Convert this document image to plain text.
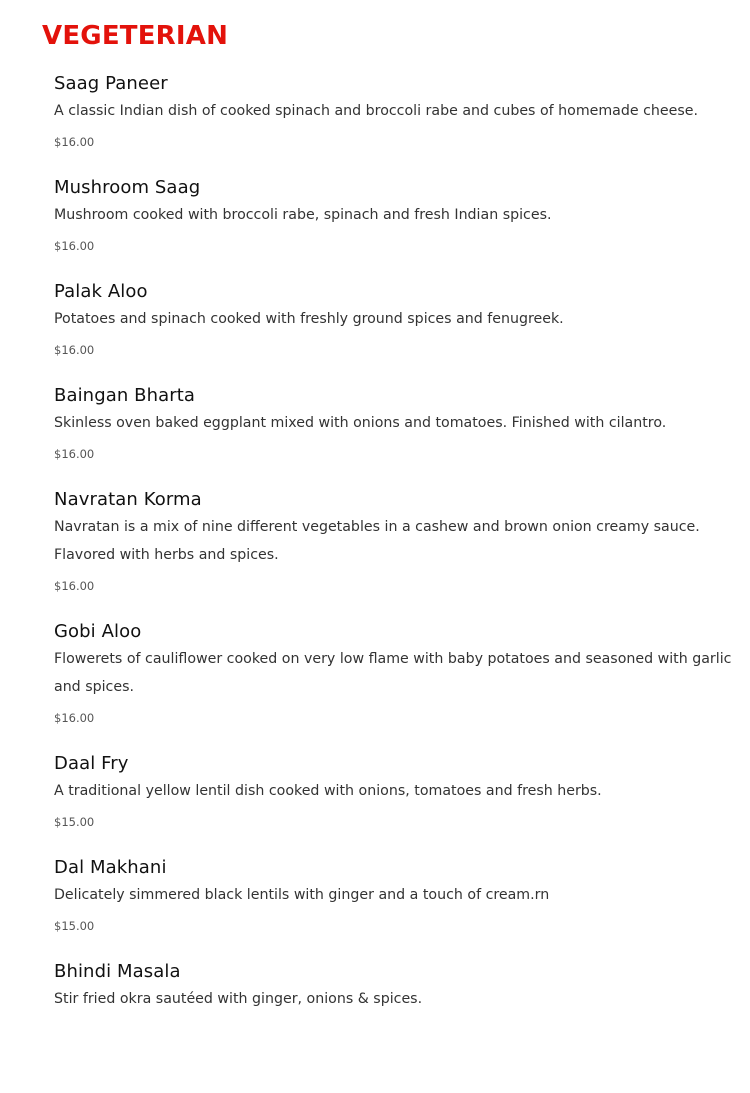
VEGETERIAN
Saag Paneer

A classic Indian dish of cooked spinach and broccoli rabe and cubes of homemade cheese.

$16.00

Mushroom Saag

Mushroom cooked with broccoli rabe, spinach and fresh Indian spices.

$16.00

Palak Aloo

Potatoes and spinach cooked with freshly ground spices and fenugreek.

$16.00

Baingan Bharta

Skinless oven baked eggplant mixed with onions and tomatoes. Finished with cilantro.

$16.00

Navratan Korma

Navratan is a mix of nine different vegetables in a cashew and brown onion creamy sauce. Flavored with herbs and spices.

$16.00

Gobi Aloo

Flowerets of cauliflower cooked on very low flame with baby potatoes and seasoned with garlic and spices.

$16.00

Daal Fry

A traditional yellow lentil dish cooked with onions, tomatoes and fresh herbs.

$15.00

Dal Makhani

Delicately simmered black lentils with ginger and a touch of cream.rn

$15.00

Bhindi Masala

Stir fried okra sautéed with ginger, onions & spices.
